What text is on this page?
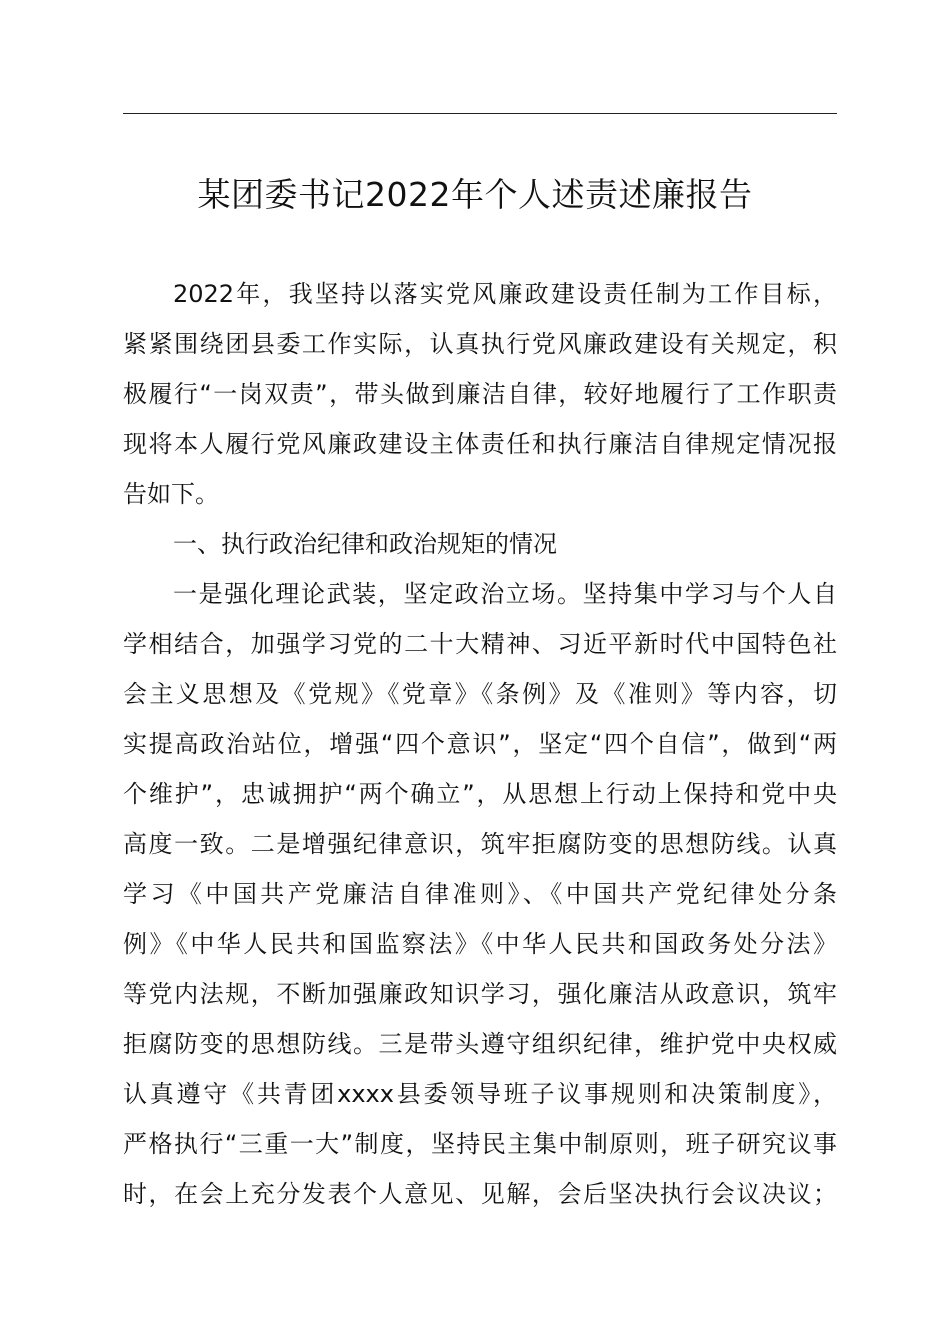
某团委书记2022年个人述责述廉报告
2022年，我坚持以落实党风廉政建设责任制为工作目标，
紧紧围绕团县委工作实际，认真执行党风廉政建设有关规定，积
极履行“一岗双责”，带头做到廉洁自律，较好地履行了工作职责
现将本人履行党风廉政建设主体责任和执行廉洁自律规定情况报
告如下。
一、执行政治纪律和政治规矩的情况
一是强化理论武装，坚定政治立场。坚持集中学习与个人自
学相结合，加强学习党的二十大精神、习近平新时代中国特色社
会主义思想及《党规》《党章》《条例》及《准则》等内容，切
实提高政治站位，增强“四个意识”，坚定“四个自信”，做到“两
个维护”，忠诚拥护“两个确立”，从思想上行动上保持和党中央
高度一致。二是增强纪律意识，筑牢拒腐防变的思想防线。认真
学习《中国共产党廉洁自律准则》、《中国共产党纪律处分条
例》《中华人民共和国监察法》《中华人民共和国政务处分法》
等党内法规，不断加强廉政知识学习，强化廉洁从政意识，筑牢
拒腐防变的思想防线。三是带头遵守组织纪律，维护党中央权威
认真遵守《共青团xxxx县委领导班子议事规则和决策制度》，
严格执行“三重一大”制度，坚持民主集中制原则，班子研究议事
时，在会上充分发表个人意见、见解，会后坚决执行会议决议；
